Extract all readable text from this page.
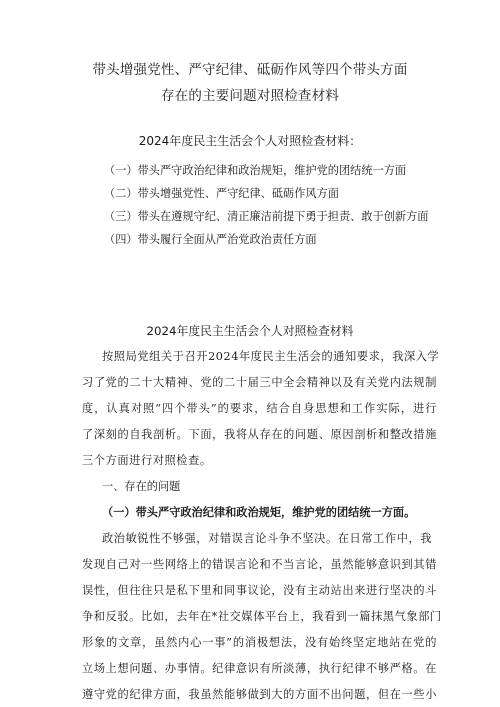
带头增强党性、严守纪律、砥砺作风等四个带头方面
存在的主要问题对照检查材料
2024年度民主生活会个人对照检查材料：
（一）带头严守政治纪律和政治规矩，维护党的团结统一方面
（二）带头增强党性、严守纪律、砥砺作风方面
（三）带头在遵规守纪、清正廉洁前提下勇于担责、敢于创新方面
（四）带头履行全面从严治党政治责任方面
2024年度民主生活会个人对照检查材料
按照局党组关于召开2024年度民主生活会的通知要求，我深入学
习了党的二十大精神、党的二十届三中全会精神以及有关党内法规制
度，认真对照“四个带头”的要求，结合自身思想和工作实际，进行
了深刻的自我剖析。下面，我将从存在的问题、原因剖析和整改措施
三个方面进行对照检查。
一、存在的问题
（一）带头严守政治纪律和政治规矩，维护党的团结统一方面。
政治敏锐性不够强，对错误言论斗争不坚决。在日常工作中，我
发现自己对一些网络上的错误言论和不当言论，虽然能够意识到其错
误性，但往往只是私下里和同事议论，没有主动站出来进行坚决的斗
争和反驳。比如，去年在*社交媒体平台上，我看到一篇抹黑气象部门
形象的文章，虽然内心一事”的消极想法，没有始终坚定地站在党的
立场上想问题、办事情。纪律意识有所淡薄，执行纪律不够严格。在
遵守党的纪律方面，我虽然能够做到大的方面不出问题，但在一些小
